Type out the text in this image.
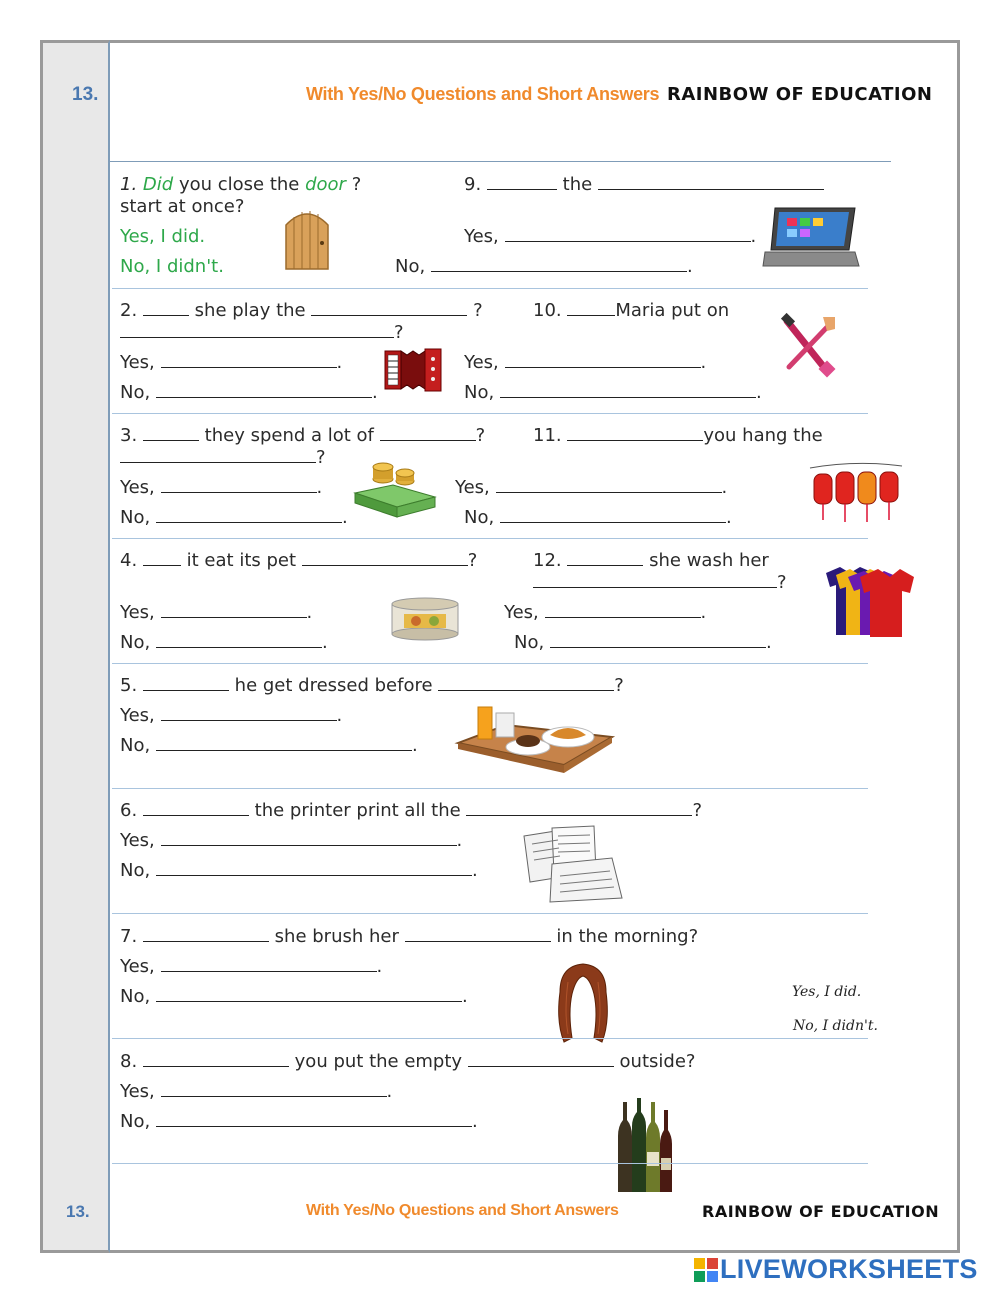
13.	With Yes/No Questions and Short Answers RAINBOW OF EDUCATION
1. Did you close the door ?
start at once?
Yes, I did.
No, I didn't.
9.	the
Yes,	.
No,	.
2.	she play the	?
?
Yes,	.
No,	.
10.	Maria put on
Yes,	.
No,	.
3.	they spend a lot of	?
?
Yes,	.
No,	.
11.	you hang the
Yes,	.
No,	.
4.	it eat its pet	?
Yes,	.
No,	.
12.	she wash her
?
Yes,	.
No,	.
5.	he get dressed before	?
Yes,	.
No,	.
6.	the printer print all the	?
Yes,	.
No,	.
7.	she brush her	in the morning?
Yes,	.
No,	.	Yes, I did.
No, I didn't.
8.	you put the empty	outside?
Yes,	.
No,	.
13.	With Yes/No Questions and Short Answers	RAINBOW OF EDUCATION
LIVEWORKSHEETS
